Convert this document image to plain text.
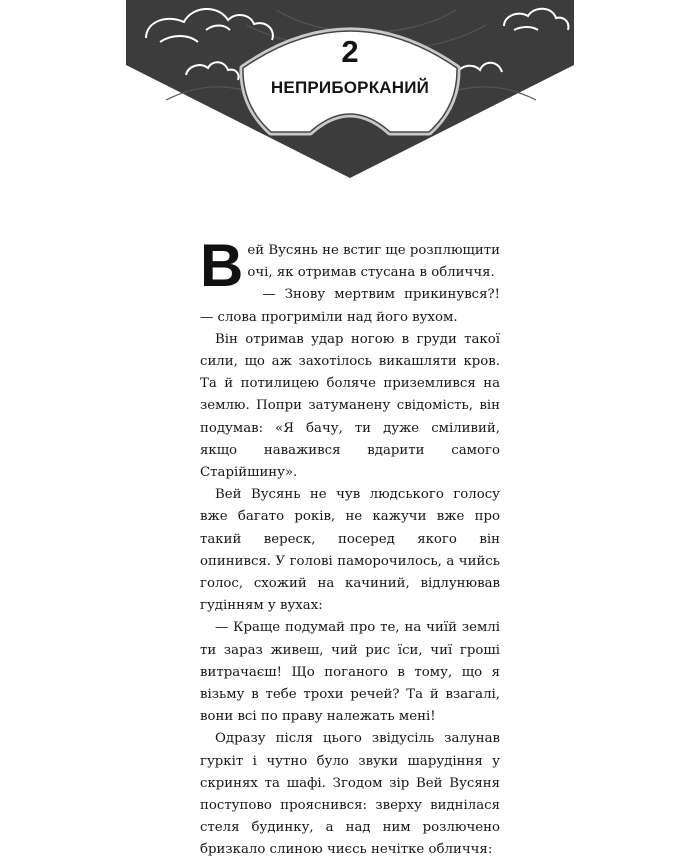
2
НЕПРИБОРКАНИЙ

Вей Вусянь не встиг ще розплющити очі, як отримав стусана в обличчя.

— Знову мертвим прикинувся?! — слова прогриміли над його вухом.

Він отримав удар ногою в груди такої сили, що аж захотілось викашляти кров. Та й потилицею боляче приземлився на землю. Попри затуманену свідомість, він подумав: «Я бачу, ти дуже сміливий, якщо наважився вдарити самого Старійшину».

Вей Вусянь не чув людського голосу вже багато років, не кажучи вже про такий вереск, посеред якого він опинився. У голові паморочилось, а чийсь голос, схожий на качиний, відлунював гудінням у вухах:

— Краще подумай про те, на чиїй землі ти зараз живеш, чий рис їси, чиї гроші витрачаєш! Що поганого в тому, що я візьму в тебе трохи речей? Та й взагалі, вони всі по праву належать мені!

Одразу після цього звідусіль залунав гуркіт і чутно було звуки шарудіння у скринях та шафі. Згодом зір Вей Вусяня поступово прояснився: зверху виднілася стеля будинку, а над ним розлючено бризкало слиною чиєсь нечітке обличчя:
